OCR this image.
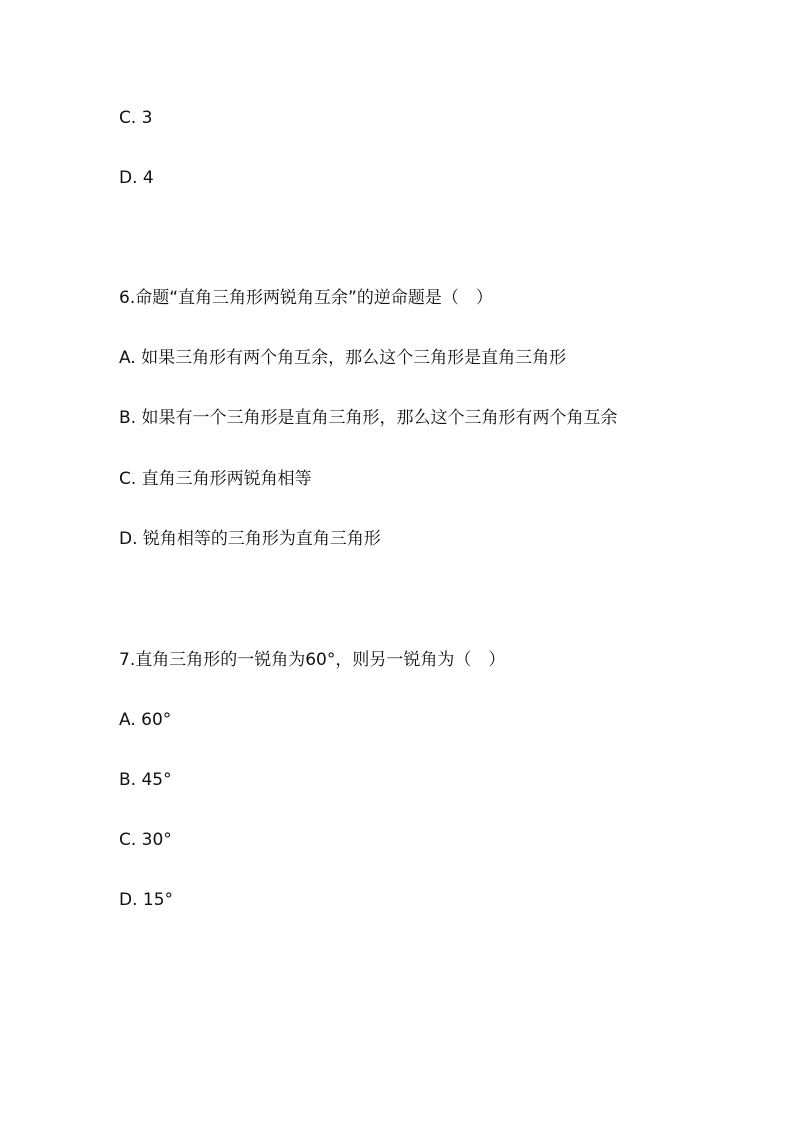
C. 3
D. 4
6.命题“直角三角形两锐角互余”的逆命题是（　）
A. 如果三角形有两个角互余，那么这个三角形是直角三角形
B. 如果有一个三角形是直角三角形，那么这个三角形有两个角互余
C. 直角三角形两锐角相等
D. 锐角相等的三角形为直角三角形
7.直角三角形的一锐角为60°，则另一锐角为（　）
A. 60°
B. 45°
C. 30°
D. 15°
